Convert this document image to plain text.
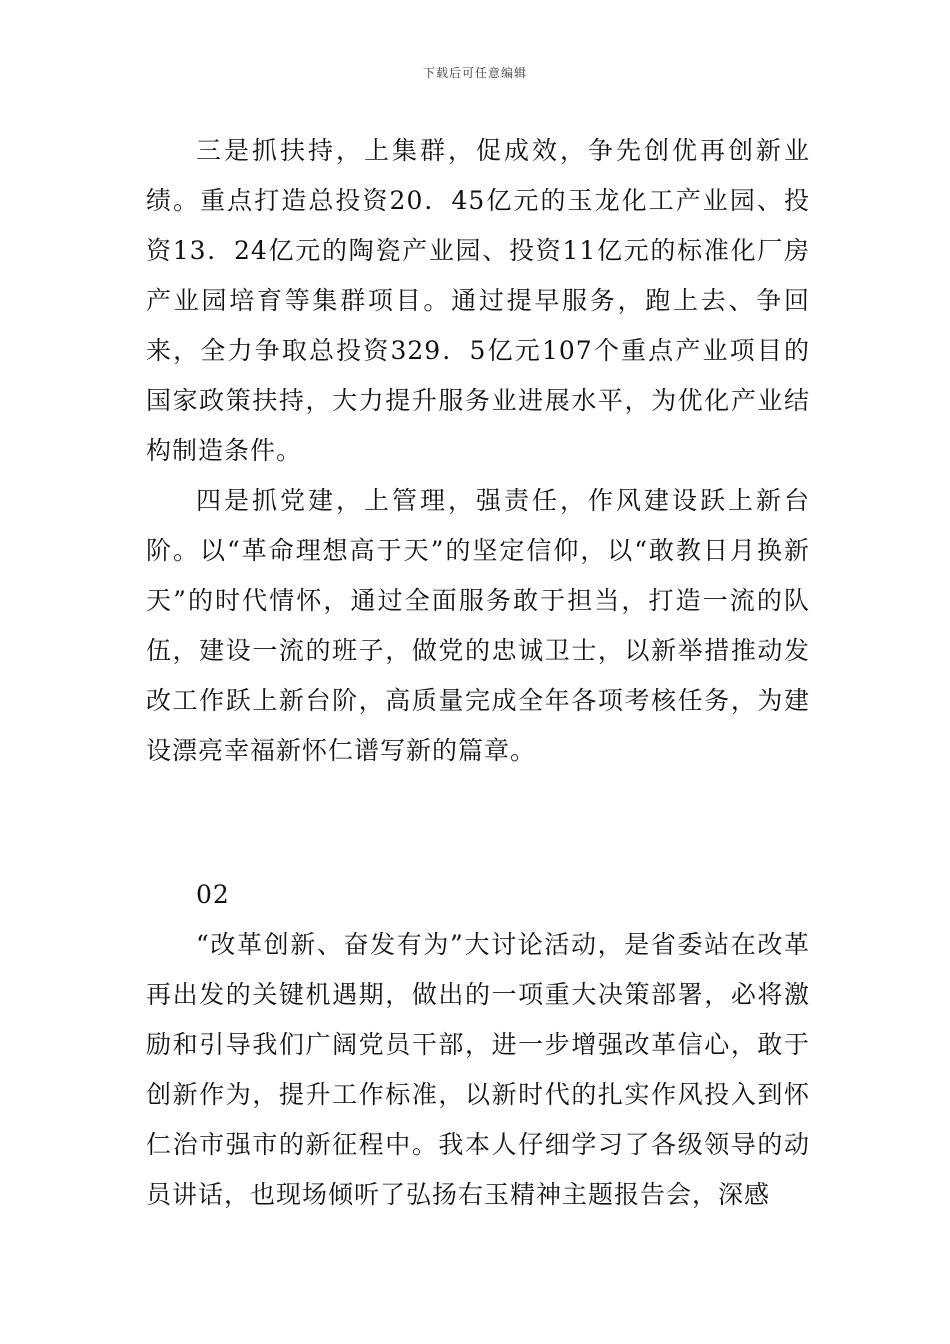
下载后可任意编辑

三是抓扶持，上集群，促成效，争先创优再创新业绩。重点打造总投资20．45亿元的玉龙化工产业园、投资13．24亿元的陶瓷产业园、投资11亿元的标准化厂房产业园培育等集群项目。通过提早服务，跑上去、争回来，全力争取总投资329．5亿元107个重点产业项目的国家政策扶持，大力提升服务业进展水平，为优化产业结构制造条件。

四是抓党建，上管理，强责任，作风建设跃上新台阶。以“革命理想高于天”的坚定信仰，以“敢教日月换新天”的时代情怀，通过全面服务敢于担当，打造一流的队伍，建设一流的班子，做党的忠诚卫士，以新举措推动发改工作跃上新台阶，高质量完成全年各项考核任务，为建设漂亮幸福新怀仁谱写新的篇章。

02

“改革创新、奋发有为”大讨论活动，是省委站在改革再出发的关键机遇期，做出的一项重大决策部署，必将激励和引导我们广阔党员干部，进一步增强改革信心，敢于创新作为，提升工作标准，以新时代的扎实作风投入到怀仁治市强市的新征程中。我本人仔细学习了各级领导的动员讲话，也现场倾听了弘扬右玉精神主题报告会，深感
